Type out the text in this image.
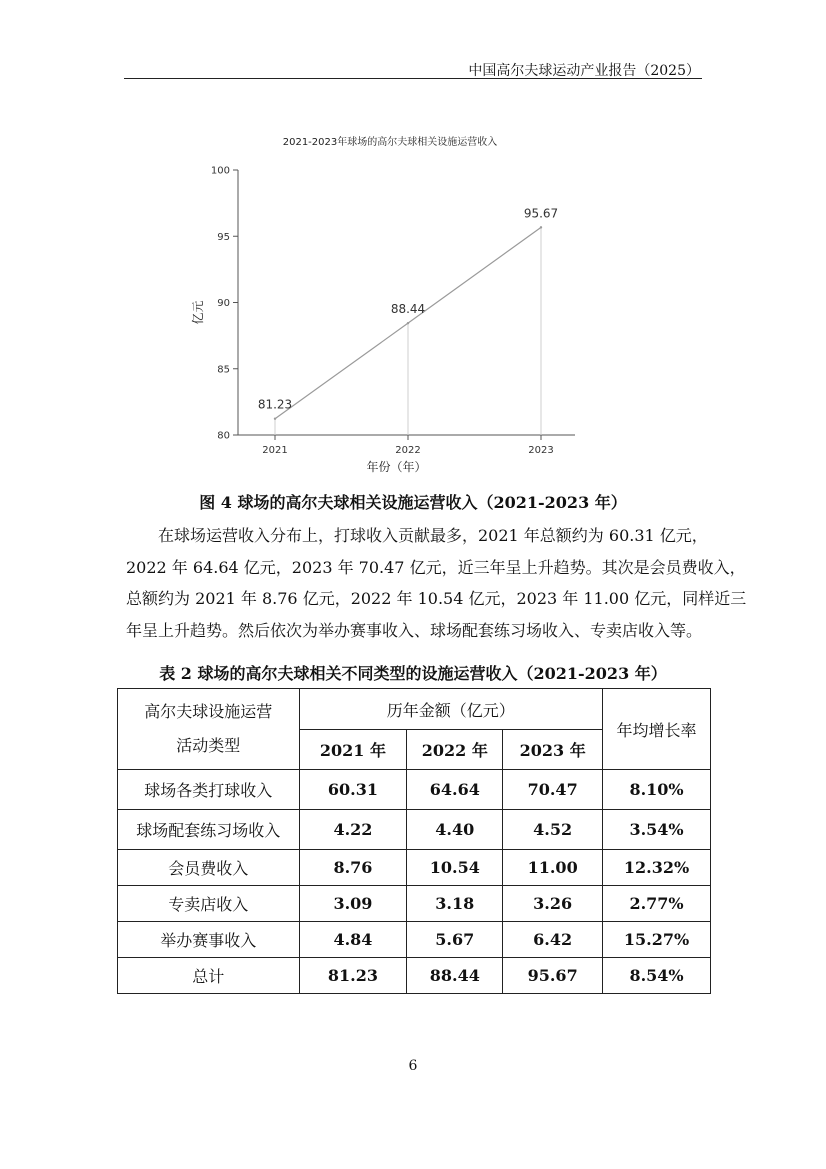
中国高尔夫球运动产业报告（2025）
2021-2023年球场的高尔夫球相关设施运营收入
80
85
90
95
100
2021	2022	2023
81.23
88.44
95.67
年份（年）
亿元
图 4 球场的高尔夫球相关设施运营收入（2021-2023 年）
在球场运营收入分布上，打球收入贡献最多，2021 年总额约为 60.31 亿元，
2022 年 64.64 亿元，2023 年 70.47 亿元，近三年呈上升趋势。其次是会员费收入，
总额约为 2021 年 8.76 亿元，2022 年 10.54 亿元，2023 年 11.00 亿元，同样近三
年呈上升趋势。然后依次为举办赛事收入、球场配套练习场收入、专卖店收入等。
表 2 球场的高尔夫球相关不同类型的设施运营收入（2021-2023 年）
高尔夫球设施运营
活动类型	历年金额（亿元）			年均增长率
	2021 年	2022 年	2023 年	
球场各类打球收入	60.31	64.64	70.47	8.10%
球场配套练习场收入	4.22	4.40	4.52	3.54%
会员费收入	8.76	10.54	11.00	12.32%
专卖店收入	3.09	3.18	3.26	2.77%
举办赛事收入	4.84	5.67	6.42	15.27%
总计	81.23	88.44	95.67	8.54%
6
